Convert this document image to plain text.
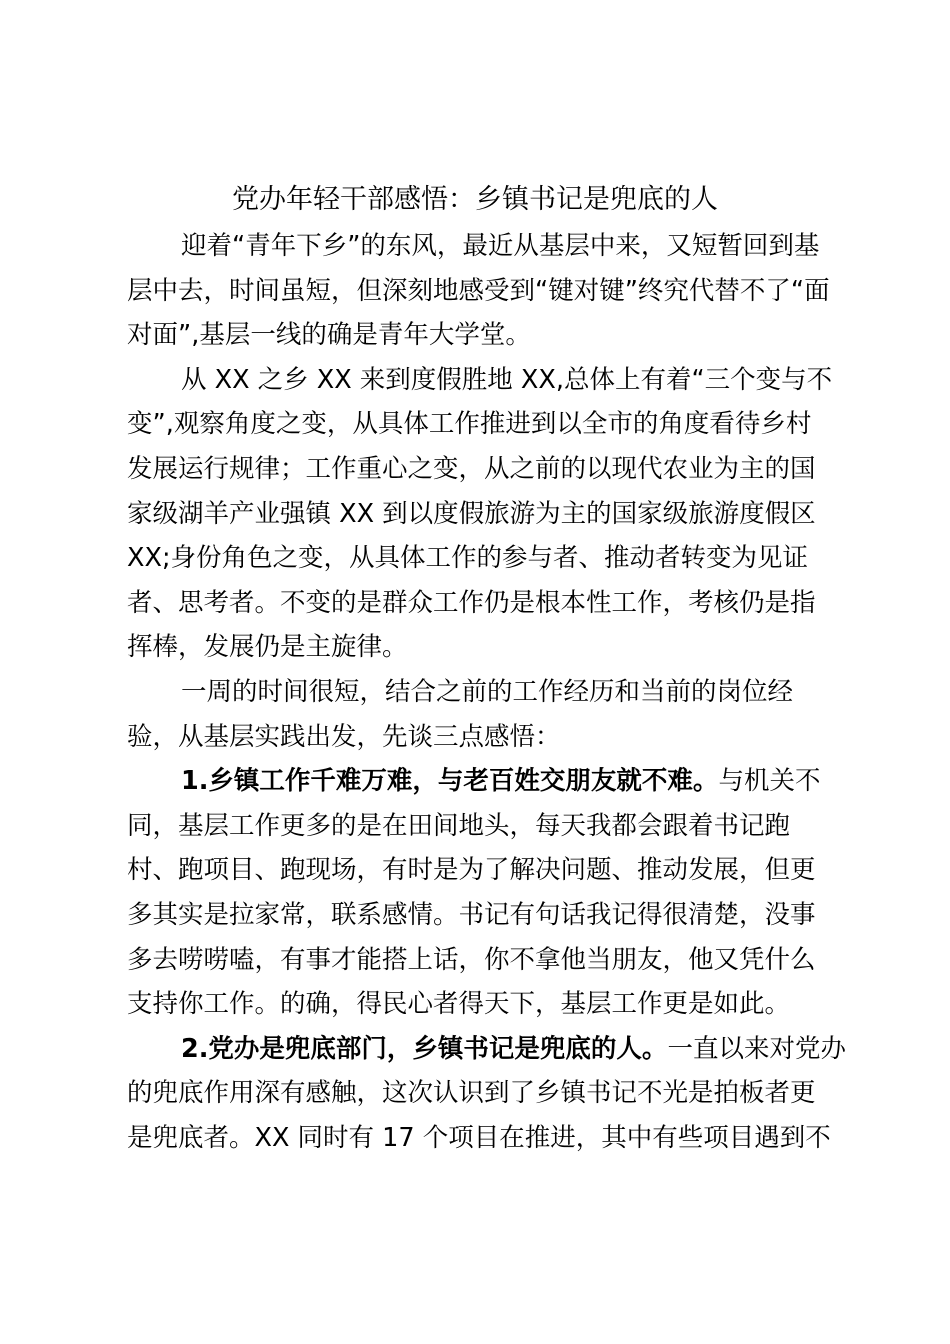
党办年轻干部感悟：乡镇书记是兜底的人

迎着“青年下乡”的东风，最近从基层中来，又短暂回到基
层中去，时间虽短，但深刻地感受到“键对键”终究代替不了“面
对面”,基层一线的确是青年大学堂。

从 XX 之乡 XX 来到度假胜地 XX,总体上有着“三个变与不
变”,观察角度之变，从具体工作推进到以全市的角度看待乡村
发展运行规律；工作重心之变，从之前的以现代农业为主的国
家级湖羊产业强镇 XX 到以度假旅游为主的国家级旅游度假区
XX;身份角色之变，从具体工作的参与者、推动者转变为见证
者、思考者。不变的是群众工作仍是根本性工作，考核仍是指
挥棒，发展仍是主旋律。

一周的时间很短，结合之前的工作经历和当前的岗位经
验，从基层实践出发，先谈三点感悟：

1.乡镇工作千难万难，与老百姓交朋友就不难。与机关不
同，基层工作更多的是在田间地头，每天我都会跟着书记跑
村、跑项目、跑现场，有时是为了解决问题、推动发展，但更
多其实是拉家常，联系感情。书记有句话我记得很清楚，没事
多去唠唠嗑，有事才能搭上话，你不拿他当朋友，他又凭什么
支持你工作。的确，得民心者得天下，基层工作更是如此。

2.党办是兜底部门，乡镇书记是兜底的人。一直以来对党办
的兜底作用深有感触，这次认识到了乡镇书记不光是拍板者更
是兜底者。XX 同时有 17 个项目在推进，其中有些项目遇到不
